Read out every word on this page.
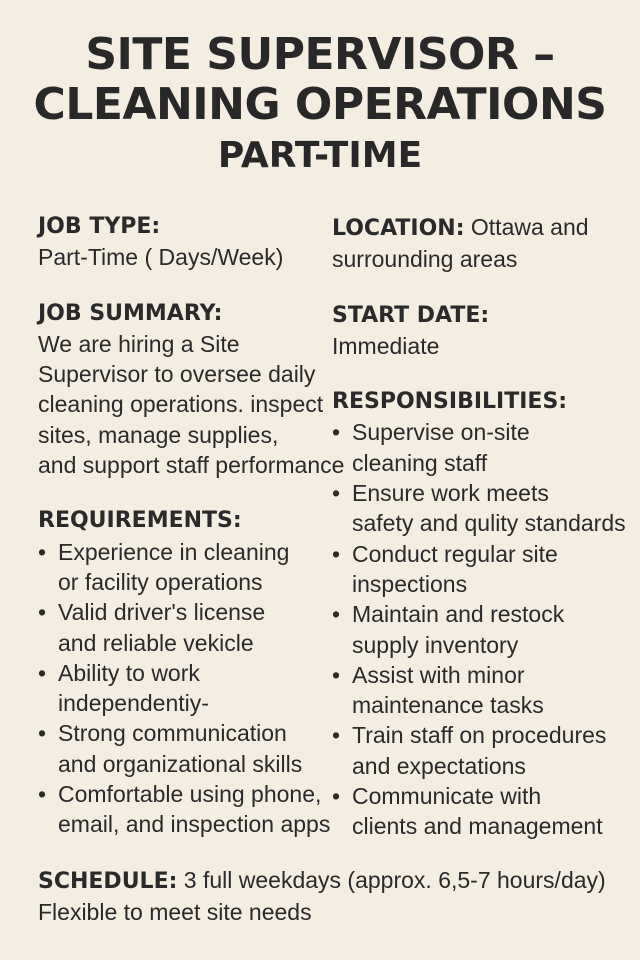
SITE SUPERVISOR –
CLEANING OPERATIONS
PART-TIME
JOB TYPE:
Part-Time ( Days/Week)
JOB SUMMARY:
We are hiring a Site
Supervisor to oversee daily
cleaning operations. inspect
sites, manage supplies,
and support staff performance
REQUIREMENTS:
• Experience in cleaning
or facility operations
• Valid driver's license
and reliable vekicle
• Ability to work
independentiy-
• Strong communication
and organizational skills
• Comfortable using phone,
email, and inspection apps
LOCATION: Ottawa and
surrounding areas
START DATE:
Immediate
RESPONSIBILITIES:
• Supervise on-site
cleaning staff
• Ensure work meets
safety and qulity standards
• Conduct regular site
inspections
• Maintain and restock
supply inventory
• Assist with minor
maintenance tasks
• Train staff on procedures
and expectations
• Communicate with
clients and management
SCHEDULE: 3 full weekdays (approx. 6,5-7 hours/day)
Flexible to meet site needs
